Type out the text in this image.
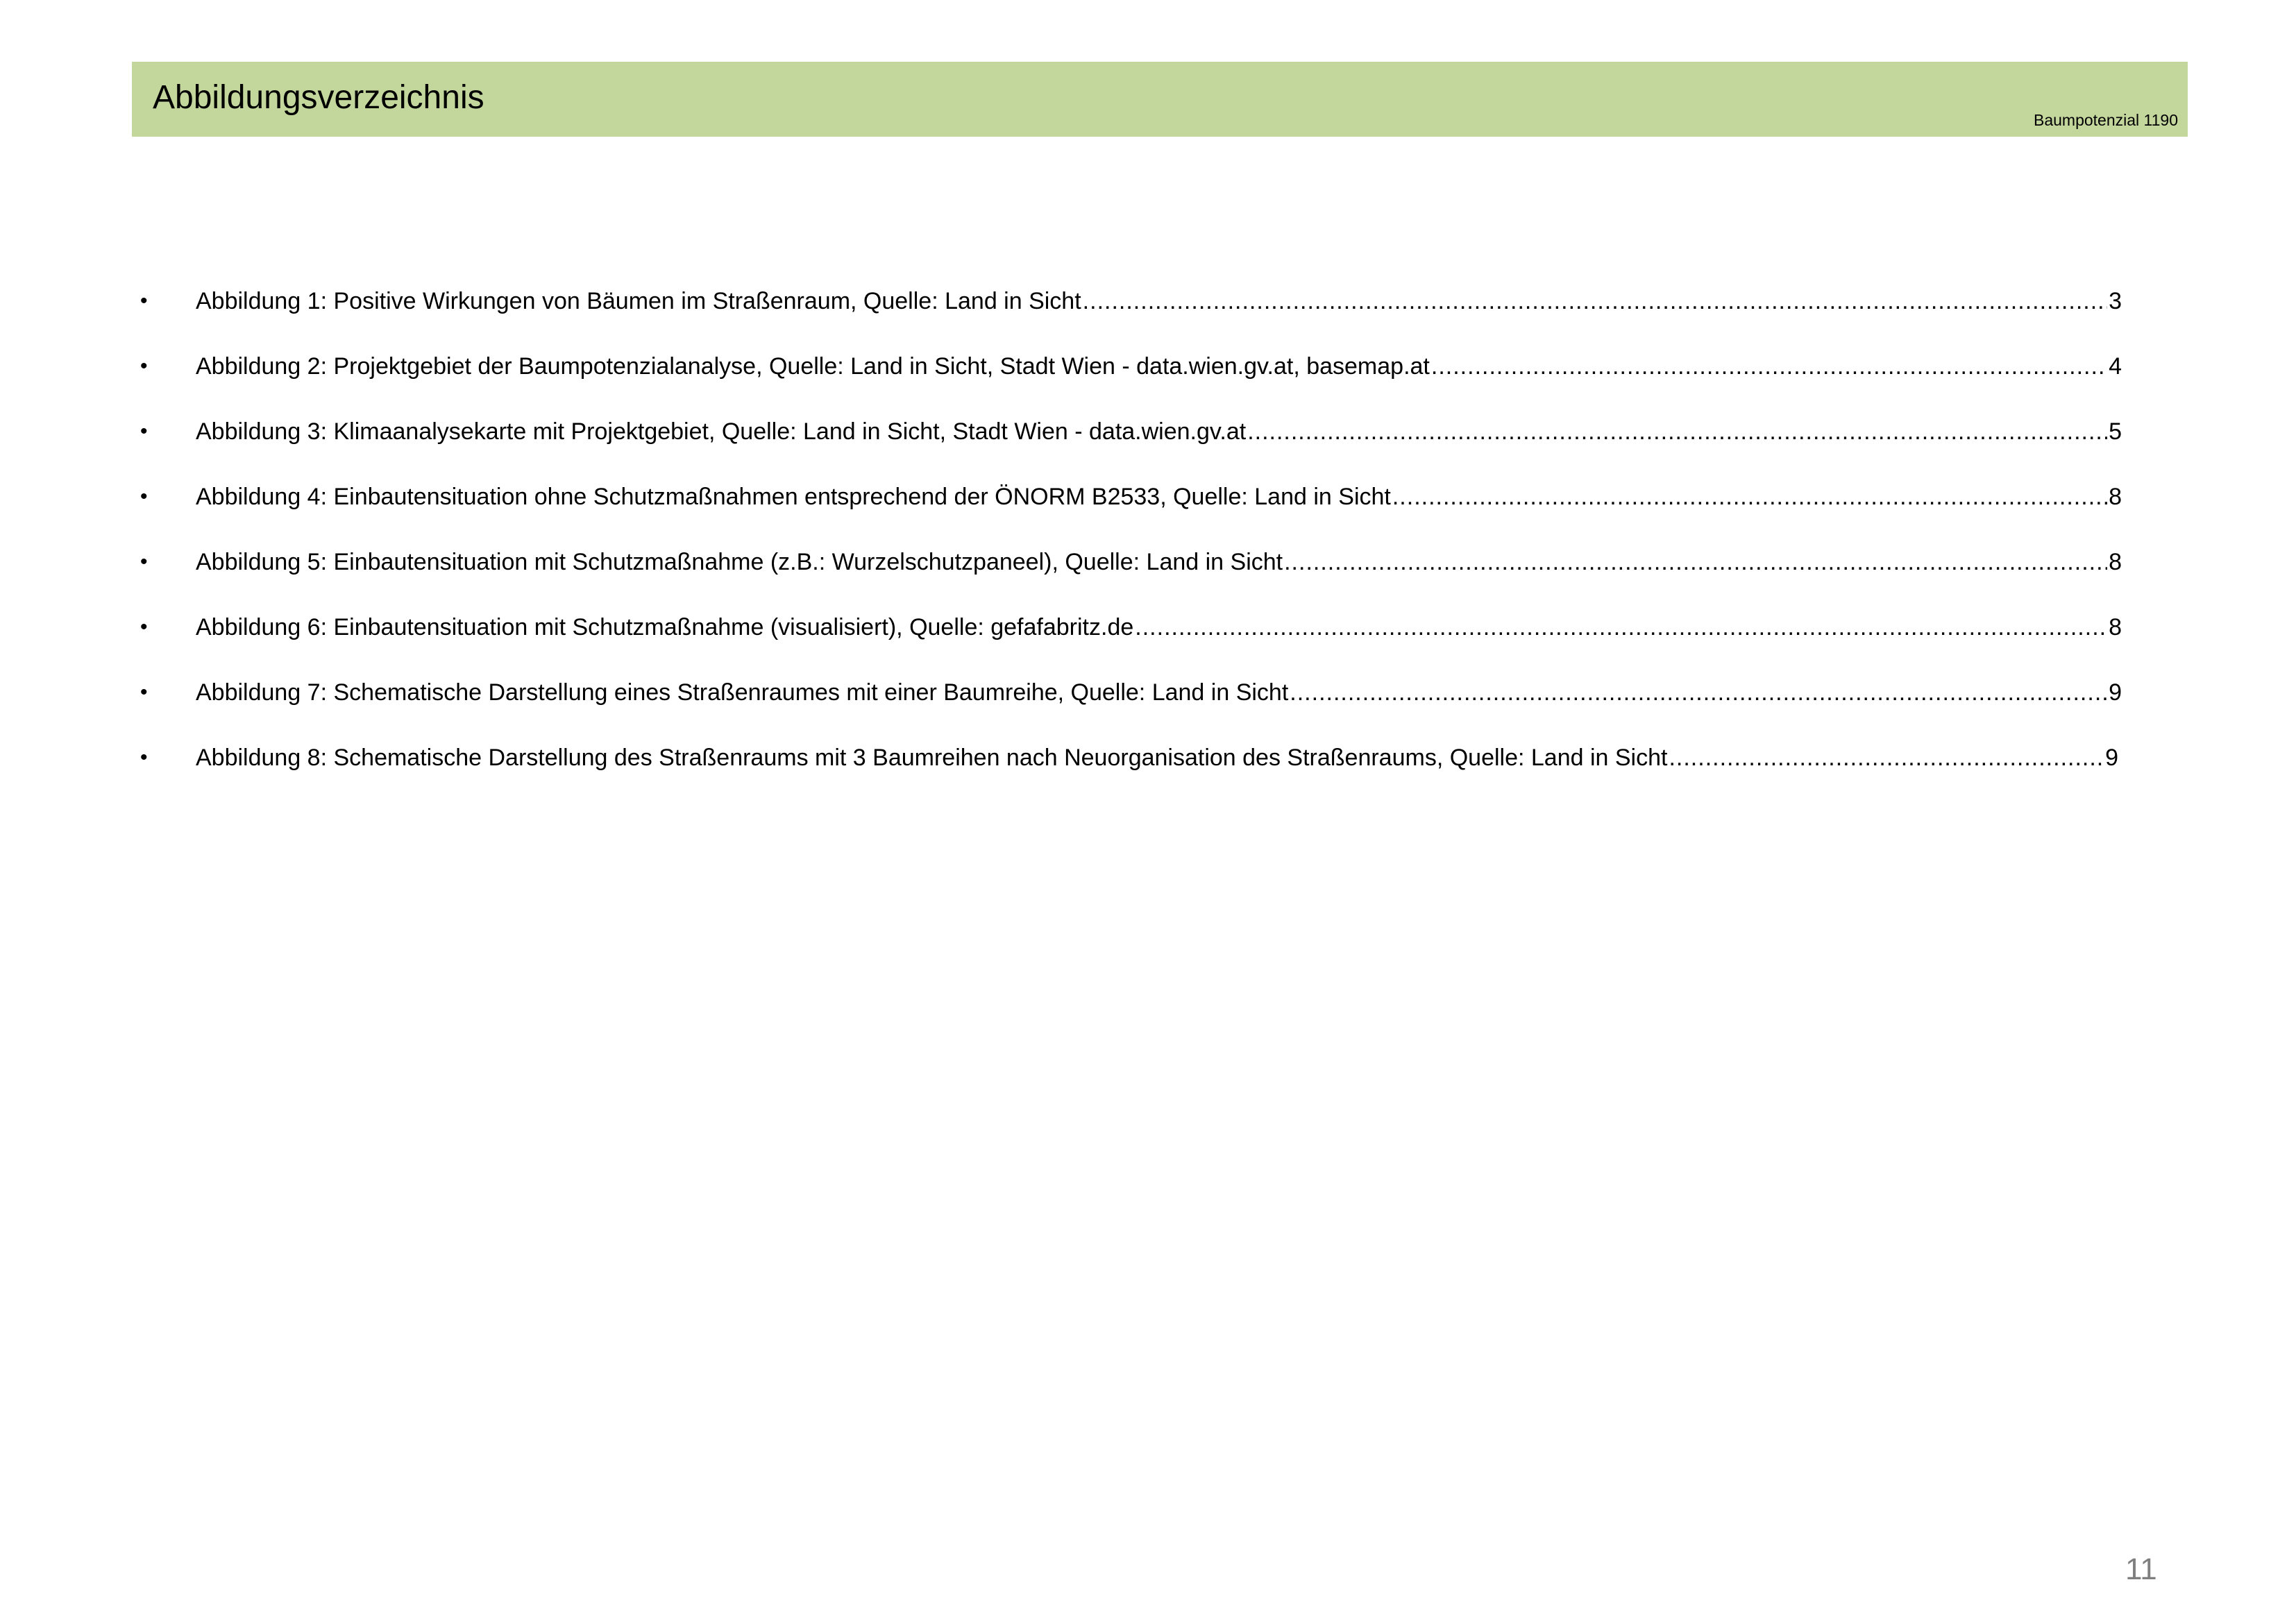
Abbildungsverzeichnis
Baumpotenzial 1190
• Abbildung 1: Positive Wirkungen von Bäumen im Straßenraum, Quelle: Land in Sicht .....	3
• Abbildung 2: Projektgebiet der Baumpotenzialanalyse, Quelle: Land in Sicht, Stadt Wien - data.wien.gv.at, basemap.at .....	4
• Abbildung 3: Klimaanalysekarte mit Projektgebiet, Quelle: Land in Sicht, Stadt Wien - data.wien.gv.at .....	5
• Abbildung 4: Einbautensituation ohne Schutzmaßnahmen entsprechend der ÖNORM B2533, Quelle: Land in Sicht .....	8
• Abbildung 5: Einbautensituation mit Schutzmaßnahme (z.B.: Wurzelschutzpaneel), Quelle: Land in Sicht .....	8
• Abbildung 6: Einbautensituation mit Schutzmaßnahme (visualisiert), Quelle: gefafabritz.de .....	8
• Abbildung 7: Schematische Darstellung eines Straßenraumes mit einer Baumreihe, Quelle: Land in Sicht .....	9
• Abbildung 8: Schematische Darstellung des Straßenraums mit 3 Baumreihen nach Neuorganisation des Straßenraums, Quelle: Land in Sicht .....	9
11
